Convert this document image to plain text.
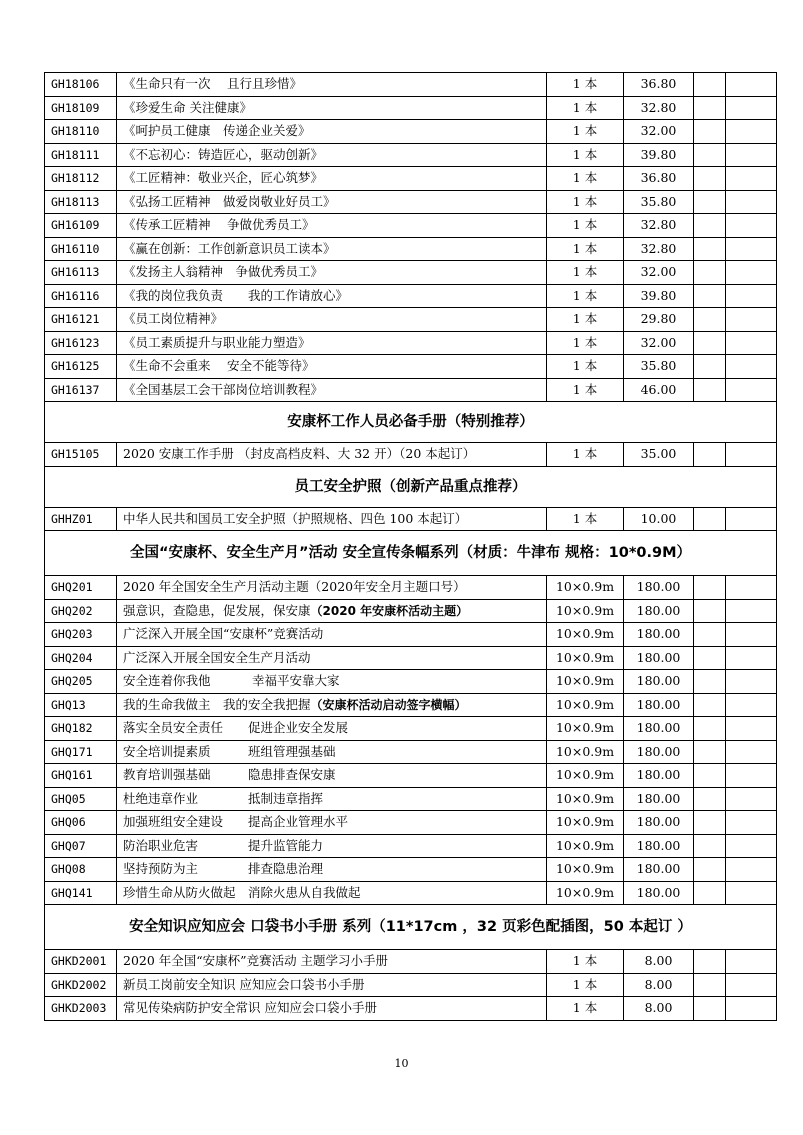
GH18106	《生命只有一次　 且行且珍惜》	1 本	36.80		
GH18109	《珍爱生命 关注健康》	1 本	32.80		
GH18110	《呵护员工健康　传递企业关爱》	1 本	32.00		
GH18111	《不忘初心：铸造匠心，驱动创新》	1 本	39.80		
GH18112	《工匠精神：敬业兴企，匠心筑梦》	1 本	36.80		
GH18113	《弘扬工匠精神　做爱岗敬业好员工》	1 本	35.80		
GH16109	《传承工匠精神　 争做优秀员工》	1 本	32.80		
GH16110	《赢在创新：工作创新意识员工读本》	1 本	32.80		
GH16113	《发扬主人翁精神　争做优秀员工》	1 本	32.00		
GH16116	《我的岗位我负责　　我的工作请放心》	1 本	39.80		
GH16121	《员工岗位精神》	1 本	29.80		
GH16123	《员工素质提升与职业能力塑造》	1 本	32.00		
GH16125	《生命不会重来　 安全不能等待》	1 本	35.80		
GH16137	《全国基层工会干部岗位培训教程》	1 本	46.00		
安康杯工作人员必备手册（特别推荐）					
GH15105	2020 安康工作手册 （封皮高档皮料、大 32 开）（20 本起订）	1 本	35.00		
员工安全护照（创新产品重点推荐）					
GHHZ01	中华人民共和国员工安全护照（护照规格、四色 100 本起订）	1 本	10.00		
全国“安康杯、安全生产月”活动 安全宣传条幅系列（材质：牛津布 规格：10*0.9M）					
GHQ201	2020 年全国安全生产月活动主题（2020年安全月主题口号）	10×0.9m	180.00		
GHQ202	强意识，查隐患，促发展，保安康（2020 年安康杯活动主题）	10×0.9m	180.00		
GHQ203	广泛深入开展全国“安康杯”竞赛活动	10×0.9m	180.00		
GHQ204	广泛深入开展全国安全生产月活动	10×0.9m	180.00		
GHQ205	安全连着你我他　　　 幸福平安靠大家	10×0.9m	180.00		
GHQ13	我的生命我做主　我的安全我把握（安康杯活动启动签字横幅）	10×0.9m	180.00		
GHQ182	落实全员安全责任　　促进企业安全发展	10×0.9m	180.00		
GHQ171	安全培训提素质　　　班组管理强基础	10×0.9m	180.00		
GHQ161	教育培训强基础　　　隐患排查保安康	10×0.9m	180.00		
GHQ05	杜绝违章作业　　　　抵制违章指挥	10×0.9m	180.00		
GHQ06	加强班组安全建设　　提高企业管理水平	10×0.9m	180.00		
GHQ07	防治职业危害　　　　提升监管能力	10×0.9m	180.00		
GHQ08	坚持预防为主　　　　排查隐患治理	10×0.9m	180.00		
GHQ141	珍惜生命从防火做起　消除火患从自我做起	10×0.9m	180.00		
安全知识应知应会 口袋书小手册 系列（11*17cm ，32 页彩色配插图，50 本起订 ）					
GHKD2001	2020 年全国“安康杯”竞赛活动 主题学习小手册	1 本	8.00		
GHKD2002	新员工岗前安全知识 应知应会口袋书小手册	1 本	8.00		
GHKD2003	常见传染病防护安全常识 应知应会口袋小手册	1 本	8.00		
10
